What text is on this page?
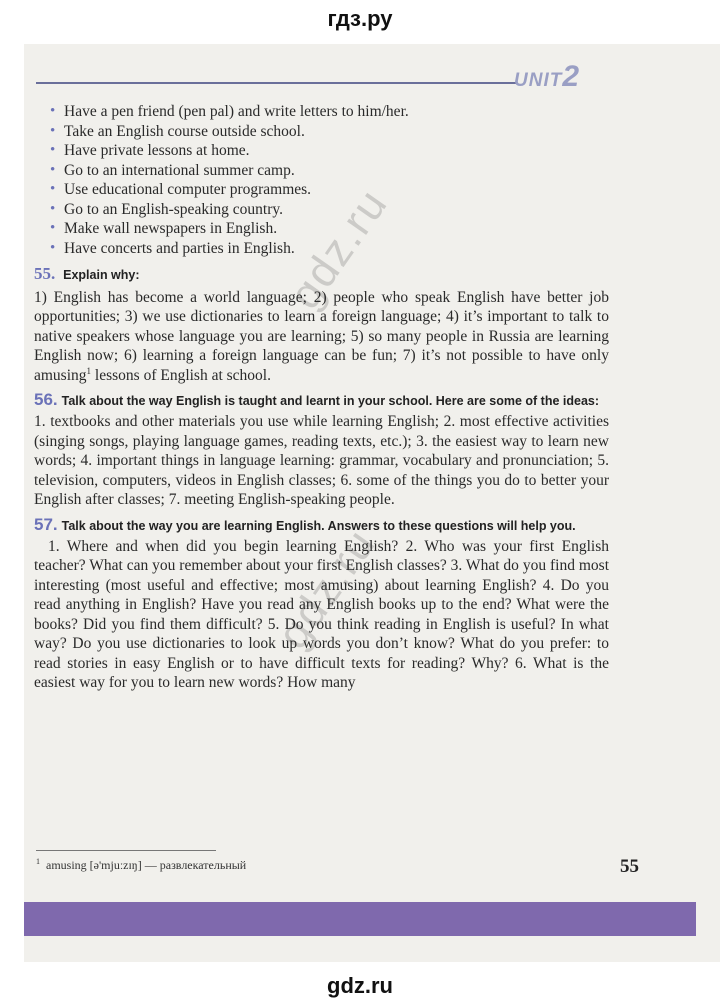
гдз.ру
UNIT2
• Have a pen friend (pen pal) and write letters to him/her.
• Take an English course outside school.
• Have private lessons at home.
• Go to an international summer camp.
• Use educational computer programmes.
• Go to an English-speaking country.
• Make wall newspapers in English.
• Have concerts and parties in English.
55. Explain why:

1) English has become a world language; 2) people who speak English have better job opportunities; 3) we use dictionaries to learn a foreign language; 4) it’s important to talk to native speakers whose language you are learning; 5) so many people in Russia are learning English now; 6) learning a foreign language can be fun; 7) it’s not possible to have only amusing$^1$ lessons of English at school.

56. Talk about the way English is taught and learnt in your school. Here are some of the ideas:

1. textbooks and other materials you use while learning English; 2. most effective activities (singing songs, playing language games, reading texts, etc.); 3. the easiest way to learn new words; 4. important things in language learning: grammar, vocabulary and pronunciation; 5. television, computers, videos in English classes; 6. some of the things you do to better your English after classes; 7. meeting English-speaking people.

57. Talk about the way you are learning English. Answers to these questions will help you.

1. Where and when did you begin learning English? 2. Who was your first English teacher? What can you remember about your first English classes? 3. What do you find most interesting (most useful and effective; most amusing) about learning English? 4. Do you read anything in English? Have you read any English books up to the end? What were the books? Did you find them difficult? 5. Do you think reading in English is useful? In what way? Do you use dictionaries to look up words you don’t know? What do you prefer: to read stories in easy English or to have difficult texts for reading? Why? 6. What is the easiest way for you to learn new words? How many

$^1$ amusing [ə'mjuːzɪŋ] — развлекательный	55
gdz.ru
gdz.ru
gdz.ru
